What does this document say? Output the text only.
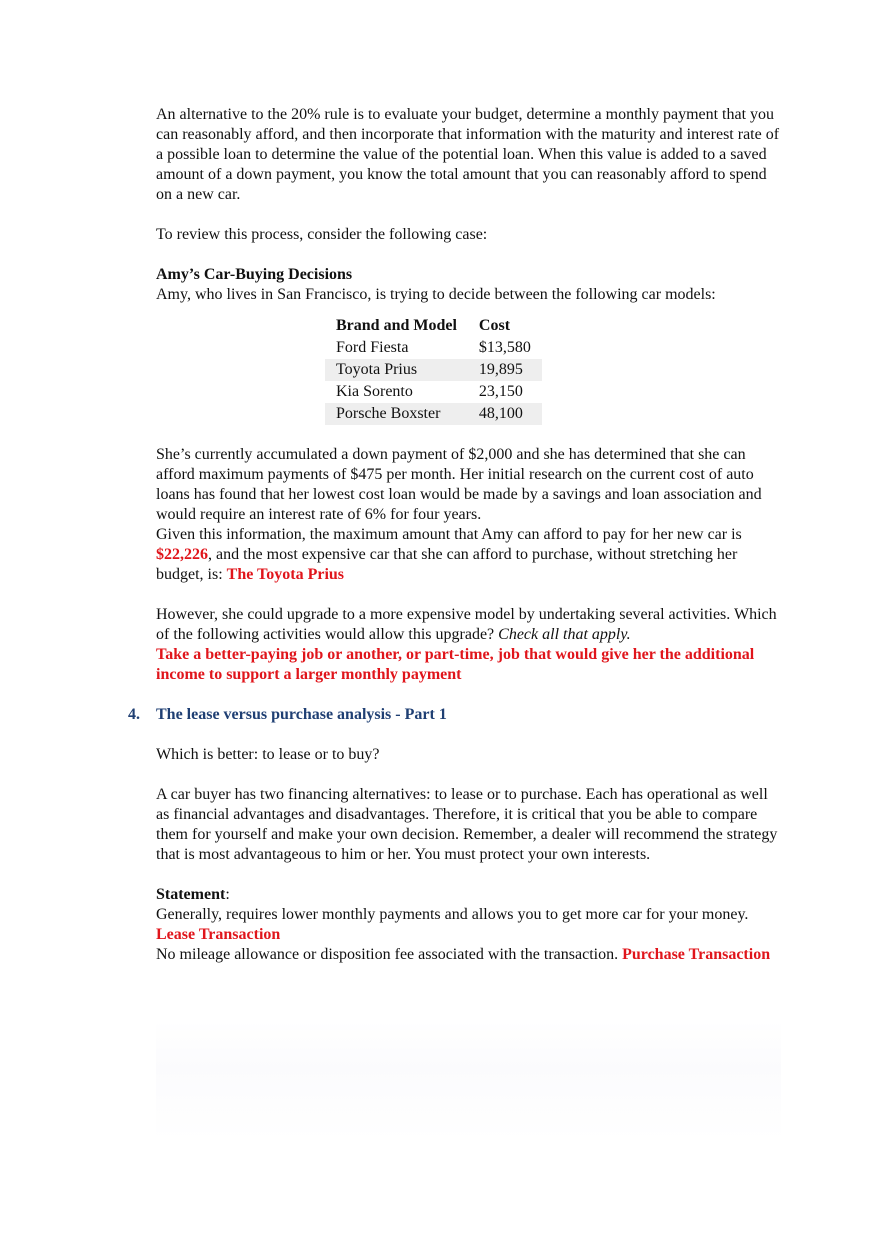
An alternative to the 20% rule is to evaluate your budget, determine a monthly payment that you can reasonably afford, and then incorporate that information with the maturity and interest rate of a possible loan to determine the value of the potential loan. When this value is added to a saved amount of a down payment, you know the total amount that you can reasonably afford to spend on a new car.

To review this process, consider the following case:

Amy’s Car-Buying Decisions

Amy, who lives in San Francisco, is trying to decide between the following car models:

Brand and Model	Cost
Ford Fiesta	$13,580
Toyota Prius	19,895
Kia Sorento	23,150
Porsche Boxster	48,100

She’s currently accumulated a down payment of $2,000 and she has determined that she can afford maximum payments of $475 per month. Her initial research on the current cost of auto loans has found that her lowest cost loan would be made by a savings and loan association and would require an interest rate of 6% for four years.

Given this information, the maximum amount that Amy can afford to pay for her new car is $22,226, and the most expensive car that she can afford to purchase, without stretching her budget, is: The Toyota Prius

However, she could upgrade to a more expensive model by undertaking several activities. Which of the following activities would allow this upgrade? Check all that apply.

Take a better-paying job or another, or part-time, job that would give her the additional income to support a larger monthly payment

4. The lease versus purchase analysis - Part 1

Which is better: to lease or to buy?

A car buyer has two financing alternatives: to lease or to purchase. Each has operational as well as financial advantages and disadvantages. Therefore, it is critical that you be able to compare them for yourself and make your own decision. Remember, a dealer will recommend the strategy that is most advantageous to him or her. You must protect your own interests.

Statement:

Generally, requires lower monthly payments and allows you to get more car for your money. Lease Transaction

No mileage allowance or disposition fee associated with the transaction. Purchase Transaction
